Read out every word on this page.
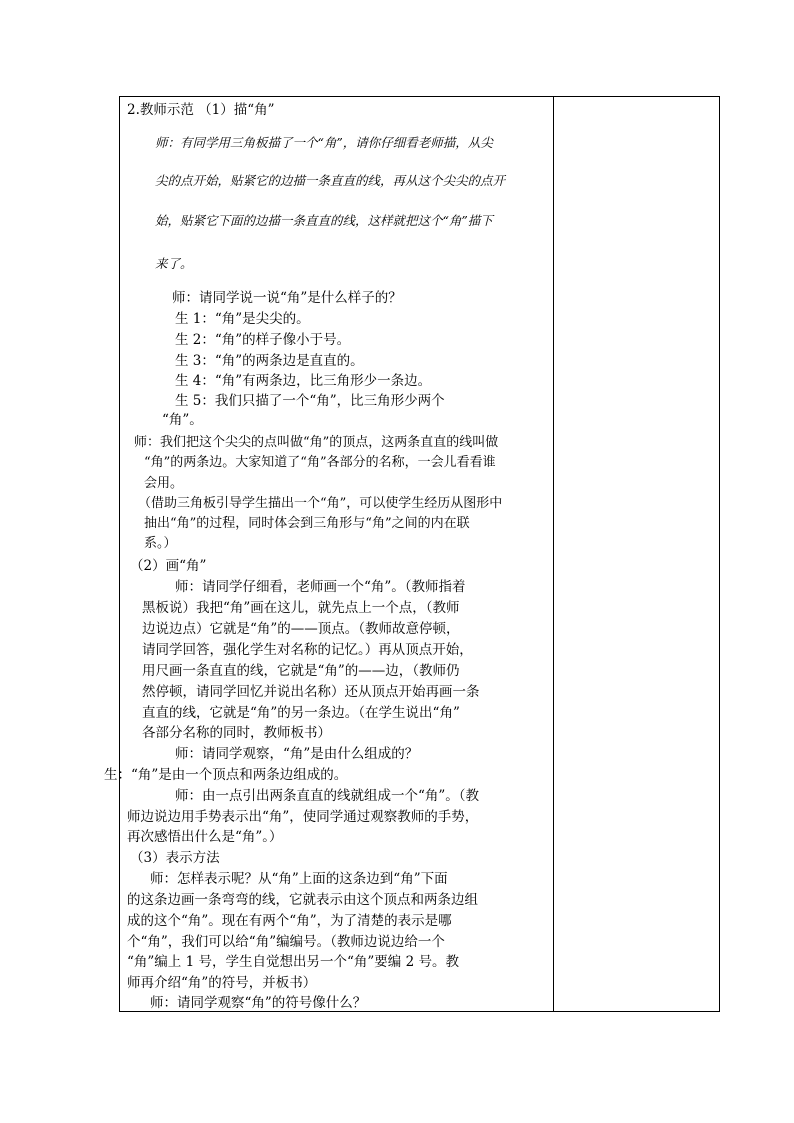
2.教师示范 （1）描“角”
师：有同学用三角板描了一个“角”，请你仔细看老师描，从尖
尖的点开始，贴紧它的边描一条直直的线，再从这个尖尖的点开
始，贴紧它下面的边描一条直直的线，这样就把这个“角”描下
来了。
师：请同学说一说“角”是什么样子的？
生 1：“角”是尖尖的。
生 2：“角”的样子像小于号。
生 3：“角”的两条边是直直的。
生 4：“角”有两条边，比三角形少一条边。
生 5：我们只描了一个“角”，比三角形少两个
“角”。
师：我们把这个尖尖的点叫做“角”的顶点，这两条直直的线叫做
“角”的两条边。大家知道了“角”各部分的名称，一会儿看看谁
会用。
（借助三角板引导学生描出一个“角”，可以使学生经历从图形中
抽出“角”的过程，同时体会到三角形与“角”之间的内在联
系。）
（2）画“角”
师：请同学仔细看，老师画一个“角”。（教师指着
黑板说）我把“角”画在这儿，就先点上一个点，（教师
边说边点）它就是“角”的——顶点。（教师故意停顿，
请同学回答，强化学生对名称的记忆。）再从顶点开始，
用尺画一条直直的线，它就是“角”的——边，（教师仍
然停顿，请同学回忆并说出名称）还从顶点开始再画一条
直直的线，它就是“角”的另一条边。（在学生说出“角”
各部分名称的同时，教师板书）
师：请同学观察，“角”是由什么组成的？
生：“角”是由一个顶点和两条边组成的。
师：由一点引出两条直直的线就组成一个“角”。（教
师边说边用手势表示出“角”，使同学通过观察教师的手势，
再次感悟出什么是“角”。）
（3）表示方法
师：怎样表示呢？从“角”上面的这条边到“角”下面
的这条边画一条弯弯的线，它就表示由这个顶点和两条边组
成的这个“角”。现在有两个“角”，为了清楚的表示是哪
个“角”，我们可以给“角”编编号。（教师边说边给一个
“角”编上 1 号，学生自觉想出另一个“角”要编 2 号。教
师再介绍“角”的符号，并板书）
师：请同学观察“角”的符号像什么？
